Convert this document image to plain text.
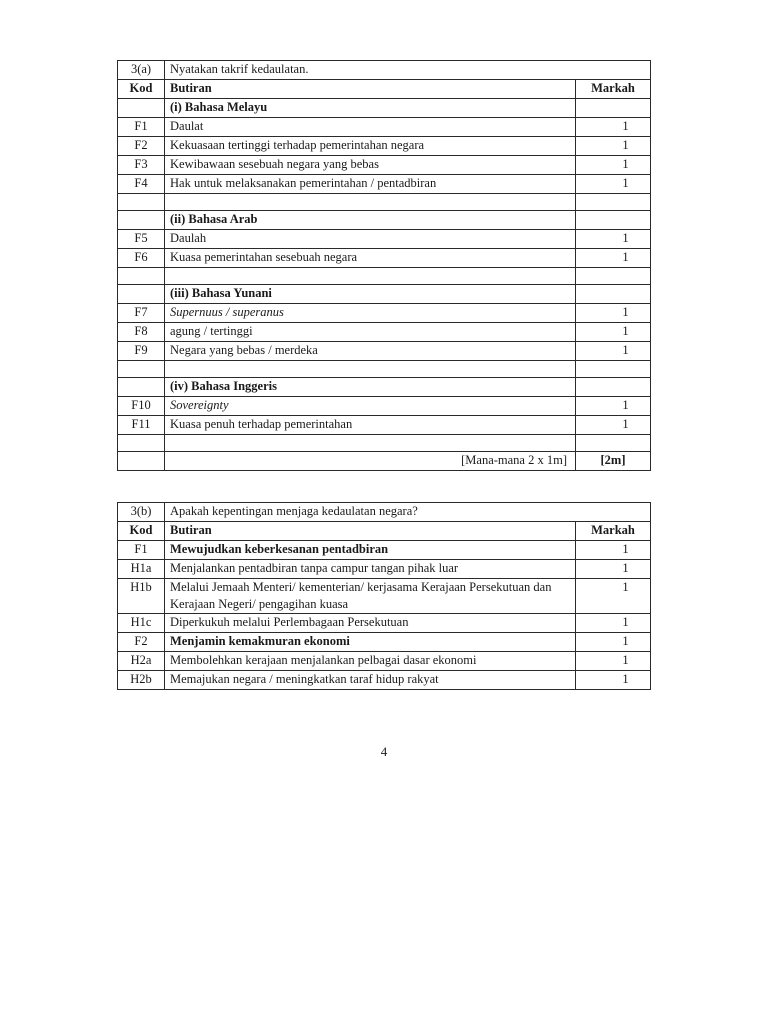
3(a)	Nyatakan takrif kedaulatan.	
Kod	Butiran	Markah
	(i) Bahasa Melayu	
F1	Daulat	1
F2	Kekuasaan tertinggi terhadap pemerintahan negara	1
F3	Kewibawaan sesebuah negara yang bebas	1
F4	Hak untuk melaksanakan pemerintahan / pentadbiran	1

	(ii) Bahasa Arab	
F5	Daulah	1
F6	Kuasa pemerintahan sesebuah negara	1

	(iii) Bahasa Yunani	
F7	Supernuus / superanus	1
F8	agung / tertinggi	1
F9	Negara yang bebas / merdeka	1

	(iv) Bahasa Inggeris	
F10	Sovereignty	1
F11	Kuasa penuh terhadap pemerintahan	1

	[Mana-mana 2 x 1m]	[2m]
3(b)	Apakah kepentingan menjaga kedaulatan negara?	
Kod	Butiran	Markah
F1	Mewujudkan keberkesanan pentadbiran	1
H1a	Menjalankan pentadbiran tanpa campur tangan pihak luar	1
H1b	Melalui Jemaah Menteri/ kementerian/ kerjasama Kerajaan Persekutuan dan Kerajaan Negeri/ pengagihan kuasa	1
H1c	Diperkukuh melalui Perlembagaan Persekutuan	1
F2	Menjamin kemakmuran ekonomi	1
H2a	Membolehkan kerajaan menjalankan pelbagai dasar ekonomi	1
H2b	Memajukan negara / meningkatkan taraf hidup rakyat	1
4
